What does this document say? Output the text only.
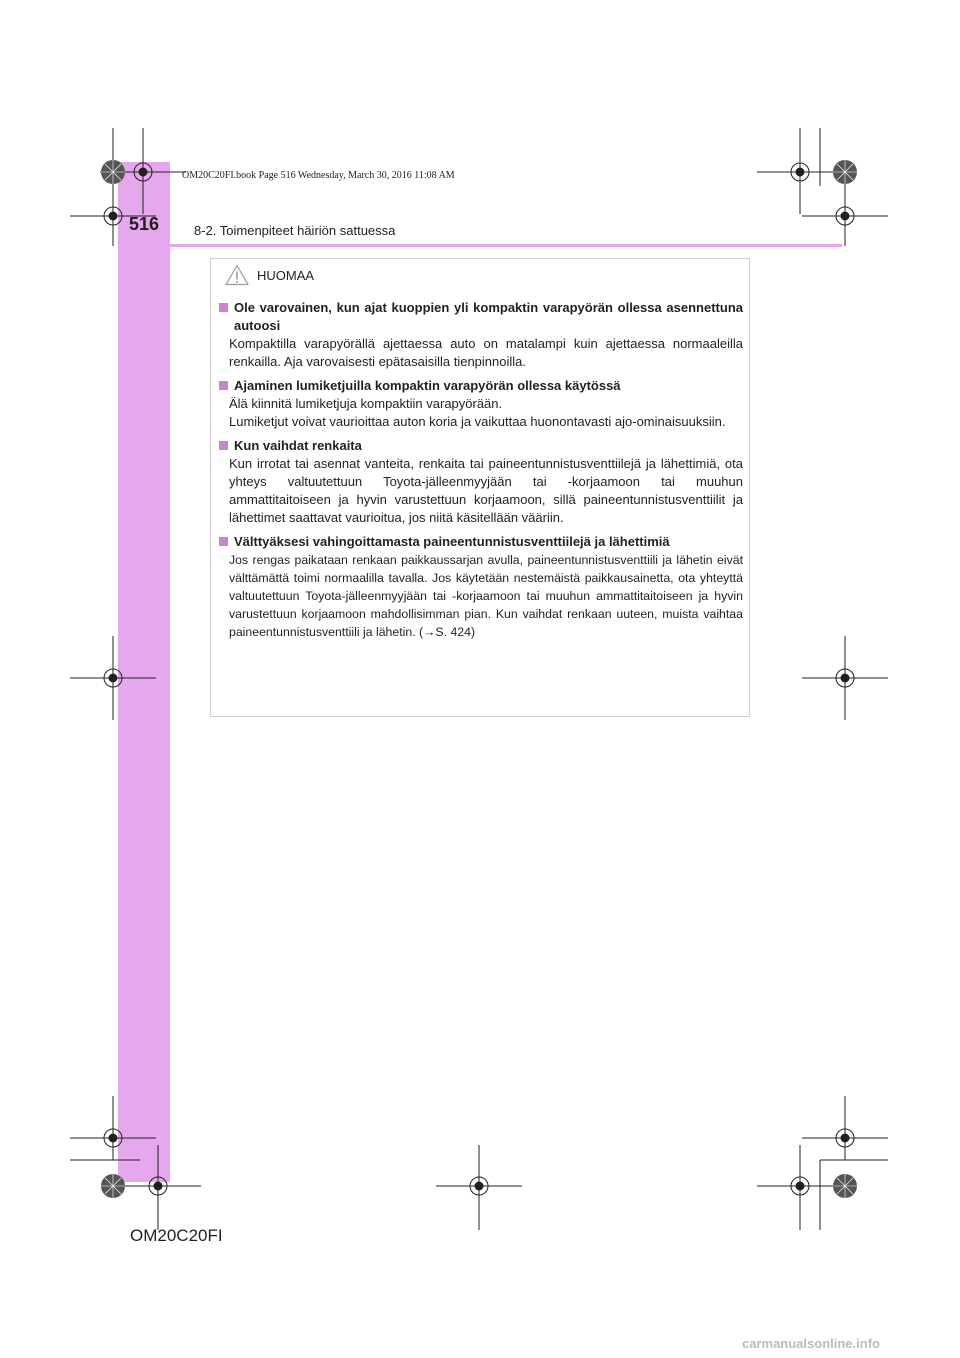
OM20C20FI.book Page 516 Wednesday, March 30, 2016 11:08 AM
516	8-2. Toimenpiteet häiriön sattuessa
HUOMAA
Ole varovainen, kun ajat kuoppien yli kompaktin varapyörän ollessa asennettuna autoosi
Kompaktilla varapyörällä ajettaessa auto on matalampi kuin ajettaessa normaaleilla renkailla. Aja varovaisesti epätasaisilla tienpinnoilla.
Ajaminen lumiketjuilla kompaktin varapyörän ollessa käytössä
Älä kiinnitä lumiketjuja kompaktiin varapyörään.
Lumiketjut voivat vaurioittaa auton koria ja vaikuttaa huonontavasti ajo-ominaisuuksiin.
Kun vaihdat renkaita
Kun irrotat tai asennat vanteita, renkaita tai paineentunnistusventtiilejä ja lähettimiä, ota yhteys valtuutettuun Toyota-jälleenmyyjään tai -korjaamoon tai muuhun ammattitaitoiseen ja hyvin varustettuun korjaamoon, sillä paineentunnistusventtiilit ja lähettimet saattavat vaurioitua, jos niitä käsitellään vääriin.
Välttyäksesi vahingoittamasta paineentunnistusventtiilejä ja lähettimiä
Jos rengas paikataan renkaan paikkaussarjan avulla, paineentunnistusventtiili ja lähetin eivät välttämättä toimi normaalilla tavalla. Jos käytetään nestemäistä paikkausainetta, ota yhteyttä valtuutettuun Toyota-jälleenmyyjään tai -korjaamoon tai muuhun ammattitaitoiseen ja hyvin varustettuun korjaamoon mahdollisimman pian. Kun vaihdat renkaan uuteen, muista vaihtaa paineentunnistusventtiili ja lähetin. (→S. 424)
OM20C20FI
carmanualsonline.info
